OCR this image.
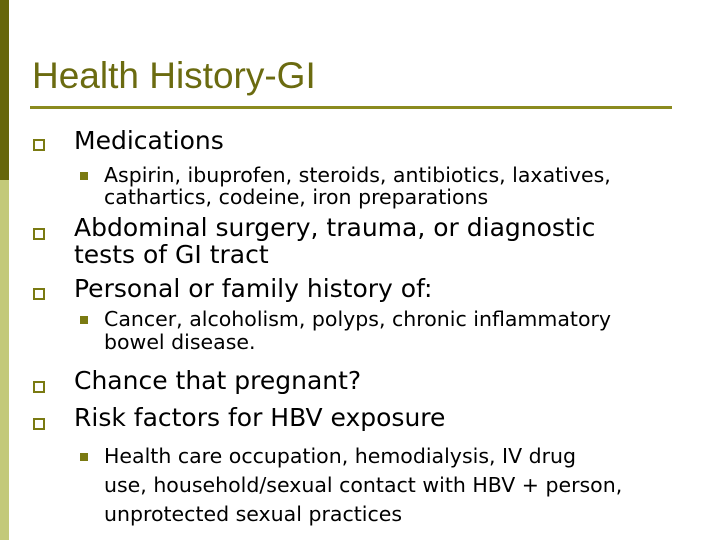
Health History-GI

Medications

Aspirin, ibuprofen, steroids, antibiotics, laxatives,

cathartics, codeine, iron preparations

Abdominal surgery, trauma, or diagnostic

tests of GI tract

Personal or family history of:

Cancer, alcoholism, polyps, chronic inflammatory

bowel disease.

Chance that pregnant?

Risk factors for HBV exposure

Health care occupation, hemodialysis, IV drug

use, household/sexual contact with HBV + person,

unprotected sexual practices
